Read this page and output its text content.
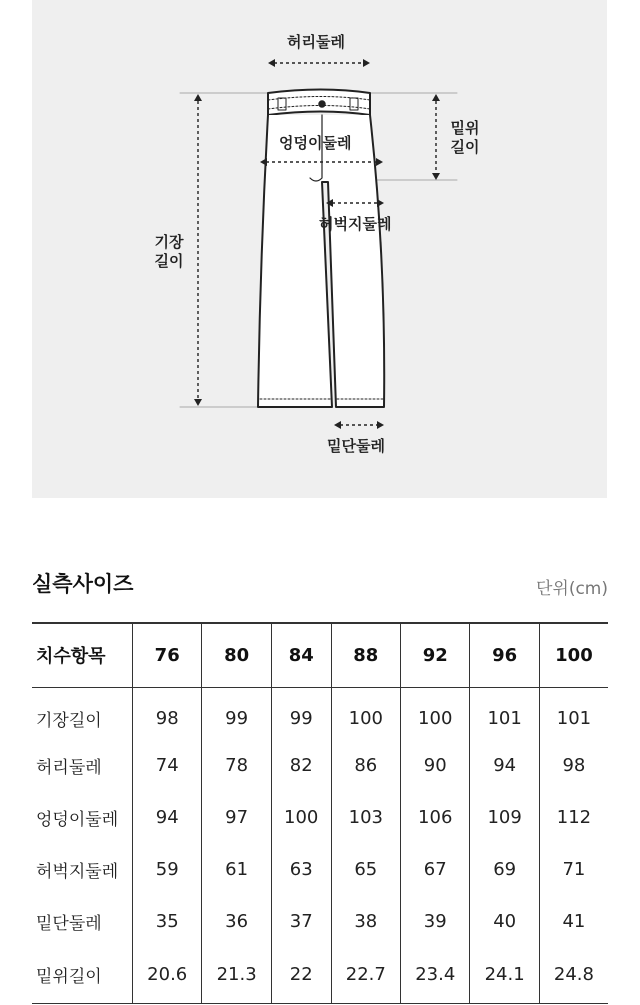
허리둘레
엉덩이둘레
허벅지둘레
밑단둘레
밑위
길이
기장
길이
실측사이즈	단위(cm)
치수항목	76	80	84	88	92	96	100
기장길이	98	99	99	100	100	101	101
허리둘레	74	78	82	86	90	94	98
엉덩이둘레	94	97	100	103	106	109	112
허벅지둘레	59	61	63	65	67	69	71
밑단둘레	35	36	37	38	39	40	41
밑위길이	20.6	21.3	22	22.7	23.4	24.1	24.8
